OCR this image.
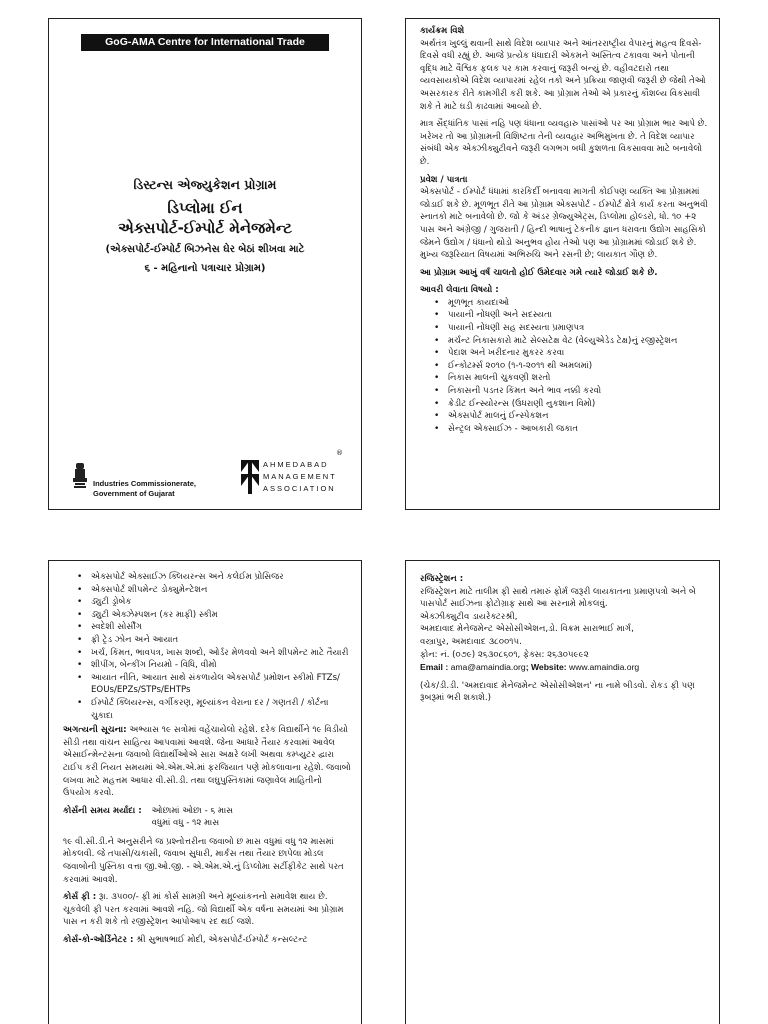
GoG-AMA Centre for International Trade
ડિસ્ટન્સ એજ્યુકેશન પ્રોગ્રામ
ડિપ્લોમા ઈન
એક્સપોર્ટ-ઈમ્પોર્ટ મેનેજમેન્ટ
(એક્સપોર્ટ-ઈમ્પોર્ટ બિઝનેસ ઘેર બેઠાં શીખવા માટે
૬ - મહિનાનો પત્રાચાર પ્રોગ્રામ)
Industries Commissionerate,
Government of Gujarat
AHMEDABAD
MANAGEMENT
ASSOCIATION
®
કાર્યક્રમ વિશે

અર્થતંત્ર ખુલ્લું થવાની સાથે વિદેશ વ્યાપાર અને આંતરરાષ્ટ્રીય વેપારનું મહત્વ દિવસે-દિવસે વધી રહ્યું છે. આજે પ્રત્યેક ધંધાદારી એકમને અસ્તિત્વ ટકાવવા અને પોતાની વૃદ્ધિ માટે વૈશ્વિક ફલક પર કામ કરવાનું જરૂરી બન્યું છે. વહીવટદારો તથા વ્યવસાયકોએ વિદેશ વ્યાપારમાં રહેલ તકો અને પ્રક્રિયા જાણવી જરૂરી છે જેથી તેઓ અસરકારક રીતે કામગીરી કરી શકે. આ પ્રોગ્રામ તેઓ એ પ્રકારનું કૌશલ્ય વિકસાવી શકે તે માટે ઘડી કાઢવામાં આવ્યો છે.

માત્ર સૈદ્ધાંતિક પાસાં નહિ પણ ધંધાના વ્યવહારુ પાસાંઓ પર આ પ્રોગ્રામ ભાર આપે છે. ખરેખર તો આ પ્રોગ્રામની વિશિષ્ટતા તેની વ્યવહાર અભિમુખતા છે. તે વિદેશ વ્યાપાર સંબંધી એક એક્ઝીક્યુટીવને જરૂરી લગભગ બધી કુશળતા વિકસાવવા માટે બનાવેલો છે.

પ્રવેશ / પાત્રતા

એક્સપોર્ટ - ઈમ્પોર્ટ ધંધામાં કારકિર્દી બનાવવા માગતી કોઈપણ વ્યક્તિ આ પ્રોગ્રામમાં જોડાઈ શકે છે. મૂળભૂત રીતે આ પ્રોગ્રામ એક્સપોર્ટ - ઈમ્પોર્ટ ક્ષેત્રે કાર્ય કરતા અનુભવી સ્નાતકો માટે બનાવેલો છે. જો કે અંડર ગ્રેજ્યુએટ્સ, ડિપ્લોમા હોલ્ડરો, ધો. ૧૦ +૨ પાસ અને અંગ્રેજી / ગુજરાતી / હિન્દી ભાષાનું ટેકનીક જ્ઞાન ધરાવતા ઉદ્યોગ સાહસિકો જેમને ઉદ્યોગ / ધંધાનો થોડો અનુભવ હોય તેઓ પણ આ પ્રોગ્રામમાં જોડાઈ શકે છે. મુખ્ય જરૂરિયાત વિષયમાં અભિરુચિ અને રસની છે; લાયકાત ગૌણ છે.

આ પ્રોગ્રામ આખું વર્ષ ચાલતો હોઈ ઉમેદવાર ગમે ત્યારે જોડાઈ શકે છે.

આવરી લેવાતા વિષયો :
• મૂળભૂત કાયદાઓ
• પાયાની નોંધણી અને સદસ્યતા
• પાયાની નોંધણી સહ સદસ્યતા પ્રમાણપત્ર
• મર્ચન્ટ નિકાસકારો માટે સેલ્સટેક્ષ વેટ (વેલ્યુએડેડ ટેક્ષ)નું રજીસ્ટ્રેશન
• પેદાશ અને ખરીદનાર મુકરર કરવા
• ઈન્કોટર્મ્સ ૨૦૧૦ (૧-૧-૨૦૧૧ થી અમલમાં)
• નિકાસ માલની ચુકવણી શરતો
• નિકાસની પડતર કિંમત અને ભાવ નક્કી કરવો
• ક્રેડીટ ઈન્સ્યોરન્સ (ઉધરાણી નુકશાન વિમો)
• એક્સપોર્ટ માલનું ઈન્સ્પેકશન
• સેન્ટ્રલ એક્સાઈઝ - આબકારી જકાત
• એક્સપોર્ટ એક્સાઈઝ ક્લિયરન્સ અને કલેઈમ પ્રોસિજર
• એક્સપોર્ટ શીપમેન્ટ ડોક્યુમેન્ટેશન
• ડ્યુટી ડ્રોબેક
• ડ્યુટી એક્ઝેમ્પશન (કર માફી) સ્કીમ
• સ્વદેશી સોર્સીંગ
• ફ્રી ટ્રેડ ઝોન અને આયાત
• ખર્ચ, કિંમત, ભાવપત્ર, ખાસ શબ્દો, ઓર્ડર મેળવવો અને શીપમેન્ટ માટે તૈયારી
• શીપીંગ, બેન્કીંગ નિયમો - વિધિ, વીમો
• આયાત નીતિ, આયાત સાથે સંકળાયેલ એક્સપોર્ટ પ્રમોશન સ્કીમો FTZs/ EOUs/EPZs/STPs/EHTPs
• ઈમ્પોર્ટ ક્લિયરન્સ, વર્ગીકરણ, મૂલ્યાંકન વેરાના દર / ગણતરી / કોર્ટના ચુકાદા

અગત્યની સૂચના: અભ્યાસ ૧૯ સત્રોમાં વહેંચાયેલો રહેશે. દરેક વિદ્યાર્થીને ૧૯ વિડીયો સીડી તથા વાંચન સાહિત્ય આપવામાં આવશે. જેના આધારે તૈયાર કરવામાં આવેલ એસાઈન્મેન્ટસના જવાબો વિદ્યાર્થીઓએ સારા અક્ષરે લખી અથવા કમ્પ્યુટર દ્વારા ટાઈપ કરી નિયત સમયમાં એ.એમ.એ.માં ફરજિયાત પણે મોકલાવાના રહેશે. જવાબો લખવા માટે મહત્તમ આધાર વી.સી.ડી. તથા લઘુપુસ્તિકામાં જણાવેલ માહિતીનો ઉપયોગ કરવો.

કોર્સની સમય મર્યાદા : ઓછામાં ઓછા - ૬ માસ
વધુમાં વધુ - ૧૨ માસ

૧૯ વી.સી.ડી.ને અનુસરીને જ પ્રશ્નોત્તરીના જવાબો છ માસ વધુમાં વધુ ૧૨ માસમાં મોકલવી. જે તપાસી/ચકાસી, જવાબ સુધારી, માર્કસ તથા તૈયાર છાપેલા મોડલ જવાબોની પુસ્તિકા વત્તા જી.ઓ.જી. - એ.એમ.એ.નું ડિપ્લોમા સર્ટીફીકેટ સાથે પરત કરવામાં આવશે.

કોર્સ ફી : રૂા. ૩૫૦૦/- ફી માં કોર્સ સામગ્રી અને મૂલ્યાંકનનો સમાવેશ થાય છે. ચૂકવેલી ફી પરત કરવામાં આવશે નહિ. જો વિદ્યાર્થી એક વર્ષના સમયમાં આ પ્રોગ્રામ પાસ ન કરી શકે તો રજીસ્ટ્રેશન આપોઆપ રદ થઈ જશે.

કોર્સ-કો-ઓર્ડિનેટર : શ્રી સુભાષભાઈ મોદી, એક્સપોર્ટ-ઈમ્પોર્ટ કન્સલ્ટન્ટ

રજિસ્ટ્રેશન :

રજિસ્ટ્રેશન માટે તાલીમ ફી સાથે તમારું ફોર્મ જરૂરી લાયકાતના પ્રમાણપત્રો અને બે પાસપોર્ટ સાઈઝના ફોટોગ્રાફ સાથે આ સરનામે મોકલવું.

એક્ઝીક્યુટીવ ડાયરેક્ટરશ્રી,
અમદાવાદ મેનેજમેન્ટ એસોસીએશન,ડો. વિક્રમ સારાભાઈ માર્ગ,
વસ્ત્રાપુર, અમદાવાદ ૩૮૦૦૧૫.
ફોન: નં. (૦૭૯) ૨૬૩૦૮૬૦૧, ફેક્સ: ૨૬૩૦૫૯૯૨
Email : ama@amaindia.org; Website: www.amaindia.org

(ચેક/ડી.ડી. 'અમદાવાદ મેનેજમેન્ટ એસોસીએશન' ના નામે બીડવો. રોકડ ફી પણ રૂબરૂમાં ભરી શકાશે.)
